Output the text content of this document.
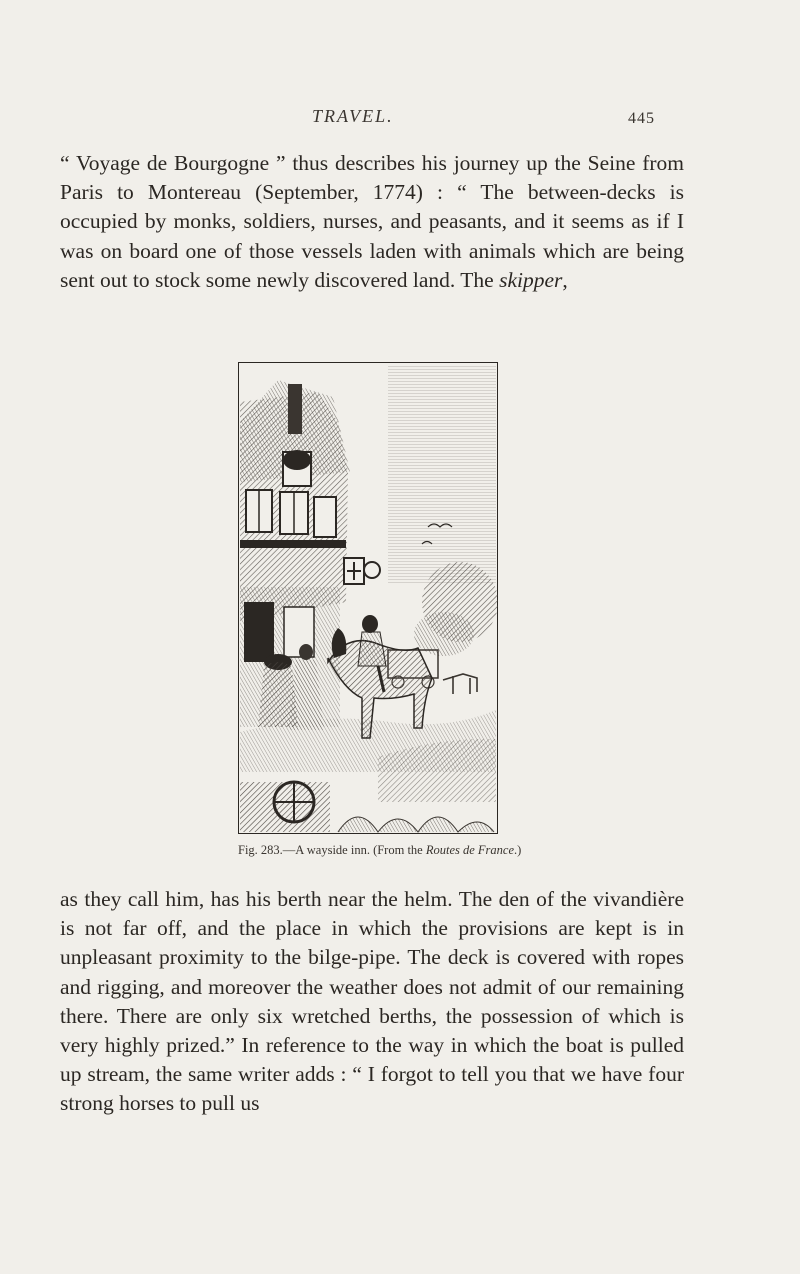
TRAVEL.	445

“ Voyage de Bourgogne ” thus describes his journey up the Seine from Paris to Montereau (September, 1774) : “ The between-decks is occupied by monks, soldiers, nurses, and peasants, and it seems as if I was on board one of those vessels laden with animals which are being sent out to stock some newly discovered land. The skipper,

Fig. 283.—A wayside inn. (From the Routes de France.)

as they call him, has his berth near the helm. The den of the vivandière is not far off, and the place in which the provisions are kept is in unpleasant proximity to the bilge-pipe. The deck is covered with ropes and rigging, and moreover the weather does not admit of our remaining there. There are only six wretched berths, the possession of which is very highly prized.” In reference to the way in which the boat is pulled up stream, the same writer adds : “ I forgot to tell you that we have four strong horses to pull us
